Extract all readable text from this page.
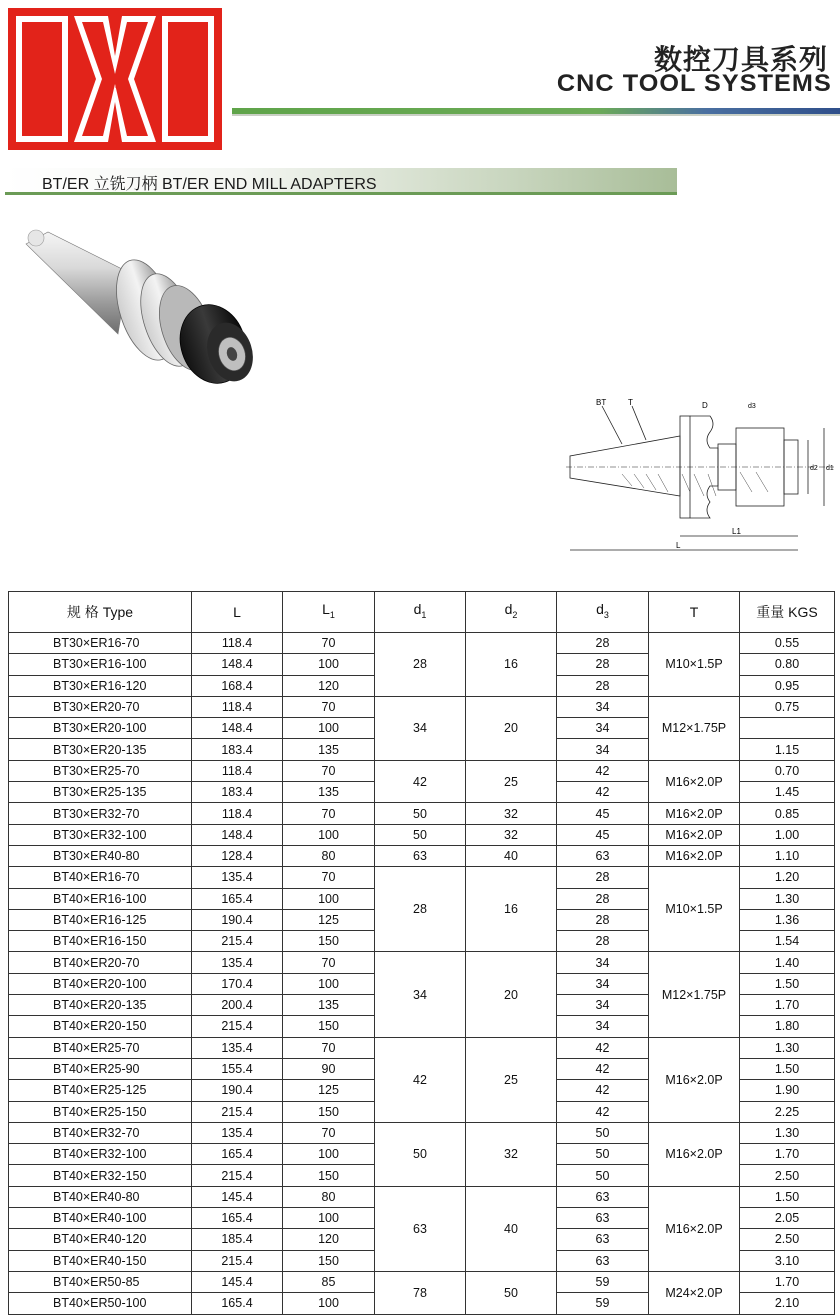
IXI
数控刀具系列
CNC TOOL SYSTEMS
BT/ER 立铣刀柄 BT/ER END MILL ADAPTERS
BT	T	D	d3
d2 d1
L1
L
规 格 Type	L	$L_1$	$d_1$	$d_2$	$d_3$	T	重量 KGS
BT30×ER16-70	118.4	70	28	16	28	M10×1.5P	0.55
BT30×ER16-100	148.4	100			28		0.80
BT30×ER16-120	168.4	120			28		0.95
BT30×ER20-70	118.4	70	34	20	34	M12×1.75P	0.75
BT30×ER20-100	148.4	100			34		
BT30×ER20-135	183.4	135			34		1.15
BT30×ER25-70	118.4	70	42	25	42	M16×2.0P	0.70
BT30×ER25-135	183.4	135			42		1.45
BT30×ER32-70	118.4	70	50	32	45	M16×2.0P	0.85
BT30×ER32-100	148.4	100	50	32	45	M16×2.0P	1.00
BT30×ER40-80	128.4	80	63	40	63	M16×2.0P	1.10
BT40×ER16-70	135.4	70	28	16	28	M10×1.5P	1.20
BT40×ER16-100	165.4	100			28		1.30
BT40×ER16-125	190.4	125			28		1.36
BT40×ER16-150	215.4	150			28		1.54
BT40×ER20-70	135.4	70	34	20	34	M12×1.75P	1.40
BT40×ER20-100	170.4	100			34		1.50
BT40×ER20-135	200.4	135			34		1.70
BT40×ER20-150	215.4	150			34		1.80
BT40×ER25-70	135.4	70	42	25	42	M16×2.0P	1.30
BT40×ER25-90	155.4	90			42		1.50
BT40×ER25-125	190.4	125			42		1.90
BT40×ER25-150	215.4	150			42		2.25
BT40×ER32-70	135.4	70	50	32	50	M16×2.0P	1.30
BT40×ER32-100	165.4	100			50		1.70
BT40×ER32-150	215.4	150			50		2.50
BT40×ER40-80	145.4	80	63	40	63	M16×2.0P	1.50
BT40×ER40-100	165.4	100			63		2.05
BT40×ER40-120	185.4	120			63		2.50
BT40×ER40-150	215.4	150			63		3.10
BT40×ER50-85	145.4	85	78	50	59	M24×2.0P	1.70
BT40×ER50-100	165.4	100			59		2.10
